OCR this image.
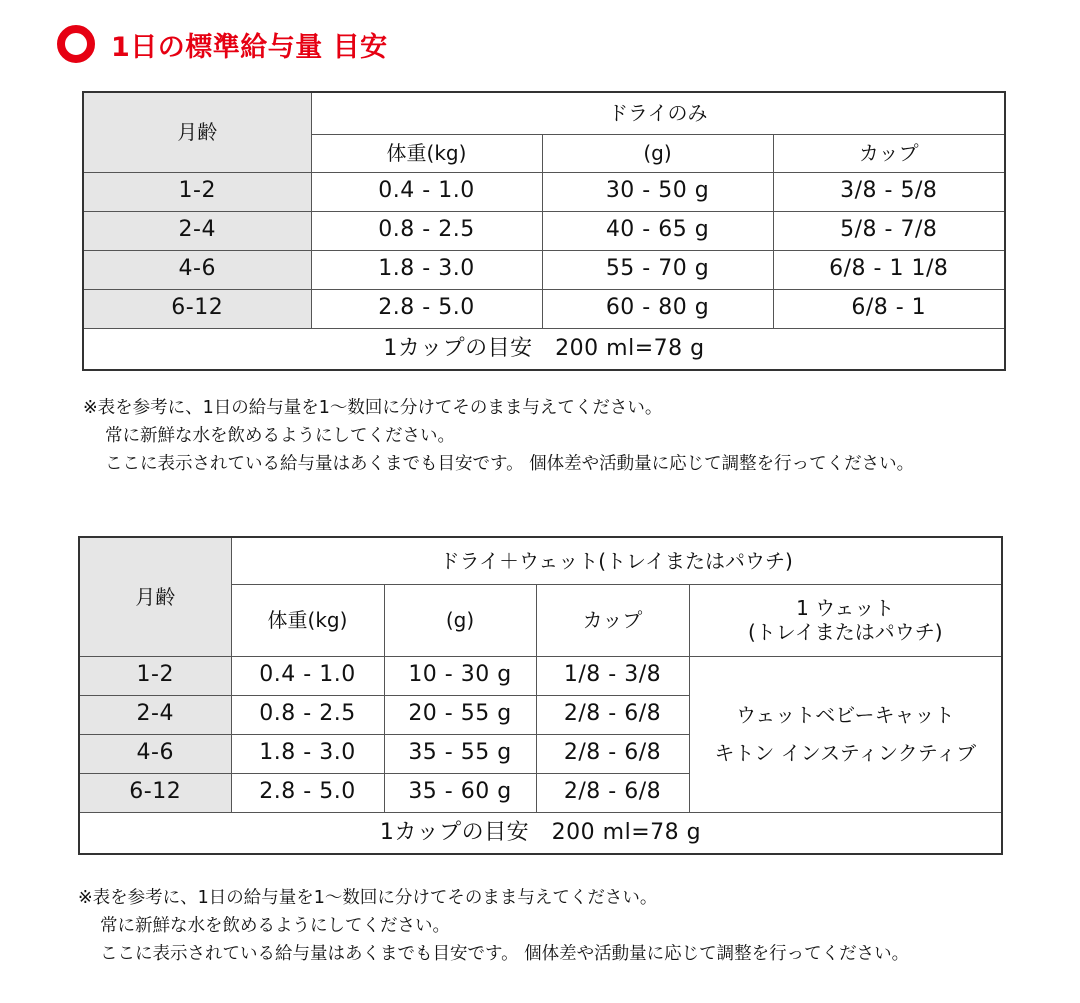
1日の標準給与量 目安
月齢	ドライのみ		
	体重(kg)	(g)	カップ
1-2	0.4 - 1.0	30 - 50 g	3/8 - 5/8
2-4	0.8 - 2.5	40 - 65 g	5/8 - 7/8
4-6	1.8 - 3.0	55 - 70 g	6/8 - 1 1/8
6-12	2.8 - 5.0	60 - 80 g	6/8 - 1
1カップの目安　200 ml=78 g			
※表を参考に、1日の給与量を1～数回に分けてそのまま与えてください。
常に新鮮な水を飲めるようにしてください。
ここに表示されている給与量はあくまでも目安です。 個体差や活動量に応じて調整を行ってください。
月齢	ドライ＋ウェット(トレイまたはパウチ)			
	体重(kg)	(g)	カップ	1 ウェット
(トレイまたはパウチ)

1-2	0.4 - 1.0	10 - 30 g	1/8 - 3/8	ウェットベビーキャット
キトン インスティンクティブ

2-4	0.8 - 2.5	20 - 55 g	2/8 - 6/8	
4-6	1.8 - 3.0	35 - 55 g	2/8 - 6/8	
6-12	2.8 - 5.0	35 - 60 g	2/8 - 6/8	
1カップの目安　200 ml=78 g				
※表を参考に、1日の給与量を1～数回に分けてそのまま与えてください。
常に新鮮な水を飲めるようにしてください。
ここに表示されている給与量はあくまでも目安です。 個体差や活動量に応じて調整を行ってください。
